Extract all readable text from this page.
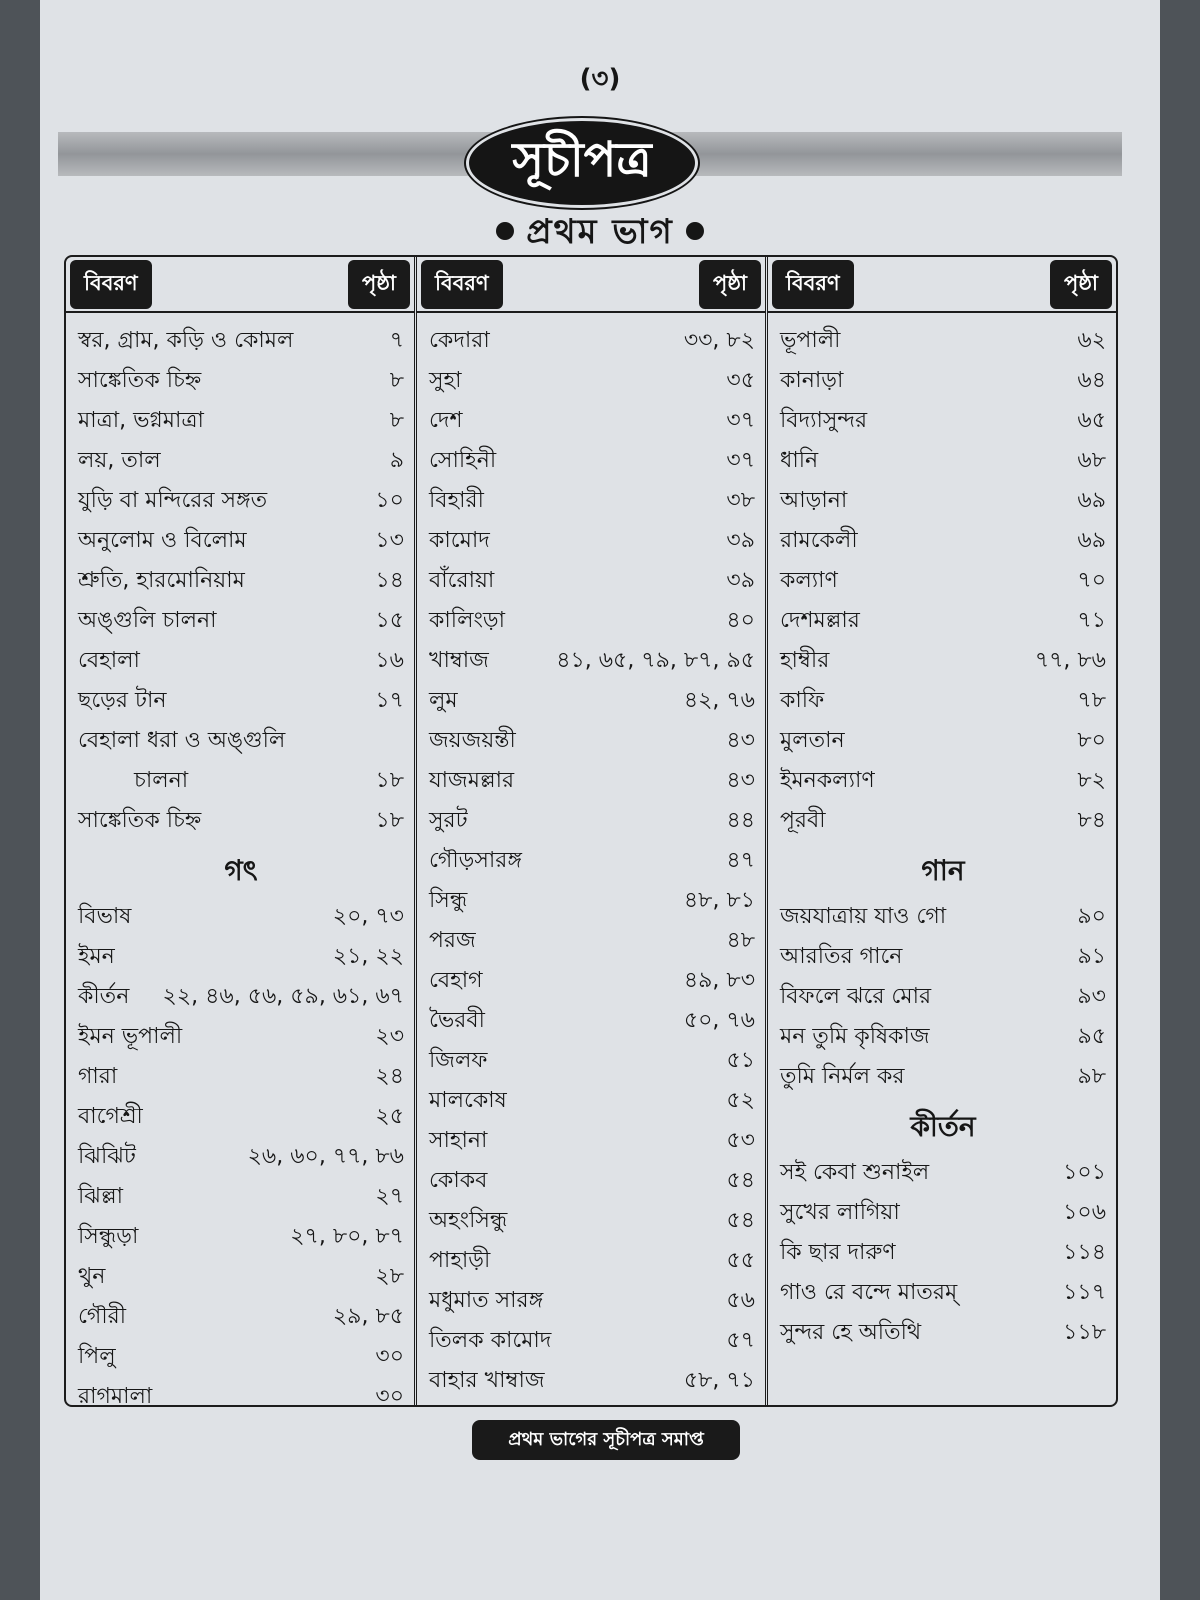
(৩)
সূচীপত্র
প্রথম ভাগ
বিবরণ	পৃষ্ঠা
স্বর, গ্রাম, কড়ি ও কোমল	৭
সাঙ্কেতিক চিহ্ন	৮
মাত্রা, ভগ্নমাত্রা	৮
লয়, তাল	৯
যুড়ি বা মন্দিরের সঙ্গত	১০
অনুলোম ও বিলোম	১৩
শ্রুতি, হারমোনিয়াম	১৪
অঙ্গুলি চালনা	১৫
বেহালা	১৬
ছড়ের টান	১৭
বেহালা ধরা ও অঙ্গুলি
চালনা	১৮
সাঙ্কেতিক চিহ্ন	১৮
গৎ
বিভাষ	২০, ৭৩
ইমন	২১, ২২
কীর্তন ২২, ৪৬, ৫৬, ৫৯, ৬১, ৬৭
ইমন ভূপালী	২৩
গারা	২৪
বাগেশ্রী	২৫
ঝিঝিট	২৬, ৬০, ৭৭, ৮৬
ঝিল্লা	২৭
সিন্ধুড়া	২৭, ৮০, ৮৭
থুন	২৮
গৌরী	২৯, ৮৫
পিলু	৩০
রাগমালা	৩০
বিবরণ	পৃষ্ঠা
কেদারা	৩৩, ৮২
সুহা	৩৫
দেশ	৩৭
সোহিনী	৩৭
বিহারী	৩৮
কামোদ	৩৯
বাঁরোয়া	৩৯
কালিংড়া	৪০
খাম্বাজ	৪১, ৬৫, ৭৯, ৮৭, ৯৫
লুম	৪২, ৭৬
জয়জয়ন্তী	৪৩
যাজমল্লার	৪৩
সুরট	৪৪
গৌড়সারঙ্গ	৪৭
সিন্ধু	৪৮, ৮১
পরজ	৪৮
বেহাগ	৪৯, ৮৩
ভৈরবী	৫০, ৭৬
জিলফ	৫১
মালকোষ	৫২
সাহানা	৫৩
কোকব	৫৪
অহংসিন্ধু	৫৪
পাহাড়ী	৫৫
মধুমাত সারঙ্গ	৫৬
তিলক কামোদ	৫৭
বাহার খাম্বাজ	৫৮, ৭১
বিবরণ	পৃষ্ঠা
ভূপালী	৬২
কানাড়া	৬৪
বিদ্যাসুন্দর	৬৫
ধানি	৬৮
আড়ানা	৬৯
রামকেলী	৬৯
কল্যাণ	৭০
দেশমল্লার	৭১
হাম্বীর	৭৭, ৮৬
কাফি	৭৮
মুলতান	৮০
ইমনকল্যাণ	৮২
পূরবী	৮৪
গান
জয়যাত্রায় যাও গো	৯০
আরতির গানে	৯১
বিফলে ঝরে মোর	৯৩
মন তুমি কৃষিকাজ	৯৫
তুমি নির্মল কর	৯৮
কীর্তন
সই কেবা শুনাইল	১০১
সুখের লাগিয়া	১০৬
কি ছার দারুণ	১১৪
গাও রে বন্দে মাতরম্	১১৭
সুন্দর হে অতিথি	১১৮
প্রথম ভাগের সূচীপত্র সমাপ্ত
